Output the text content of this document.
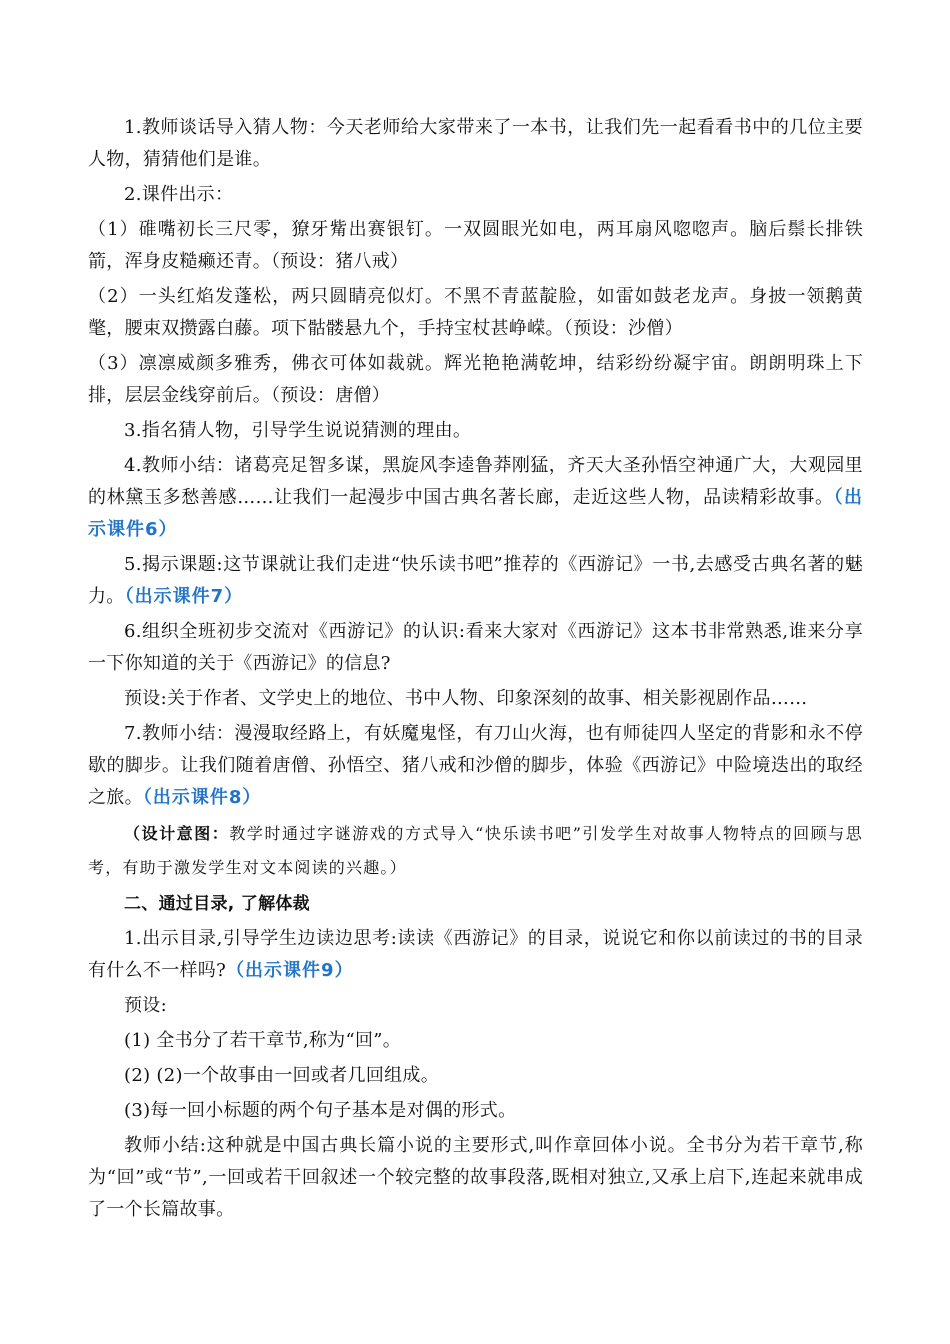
1.教师谈话导入猜人物：今天老师给大家带来了一本书，让我们先一起看看书中的几位主要人物，猜猜他们是谁。

2.课件出示：

（1）碓嘴初长三尺零，獠牙觜出赛银钉。一双圆眼光如电，两耳扇风唿唿声。脑后鬃长排铁箭，浑身皮糙癞还青。（预设：猪八戒）

（2）一头红焰发蓬松，两只圆睛亮似灯。不黑不青蓝靛脸，如雷如鼓老龙声。身披一领鹅黄氅，腰束双攒露白藤。项下骷髅悬九个，手持宝杖甚峥嵘。（预设：沙僧）

（3）凛凛威颜多雅秀，佛衣可体如裁就。辉光艳艳满乾坤，结彩纷纷凝宇宙。朗朗明珠上下排，层层金线穿前后。（预设：唐僧）

3.指名猜人物，引导学生说说猜测的理由。

4.教师小结：诸葛亮足智多谋，黑旋风李逵鲁莽刚猛，齐天大圣孙悟空神通广大，大观园里的林黛玉多愁善感……让我们一起漫步中国古典名著长廊，走近这些人物，品读精彩故事。（出示课件6）

5.揭示课题:这节课就让我们走进“快乐读书吧”推荐的《西游记》一书,去感受古典名著的魅力。（出示课件7）

6.组织全班初步交流对《西游记》的认识:看来大家对《西游记》这本书非常熟悉,谁来分享一下你知道的关于《西游记》的信息?

预设:关于作者、文学史上的地位、书中人物、印象深刻的故事、相关影视剧作品……

7.教师小结：漫漫取经路上，有妖魔鬼怪，有刀山火海，也有师徒四人坚定的背影和永不停歇的脚步。让我们随着唐僧、孙悟空、猪八戒和沙僧的脚步，体验《西游记》中险境迭出的取经之旅。（出示课件8）

（设计意图：教学时通过字谜游戏的方式导入“快乐读书吧”引发学生对故事人物特点的回顾与思考，有助于激发学生对文本阅读的兴趣。）

二、通过目录, 了解体裁

1.出示目录,引导学生边读边思考:读读《西游记》的目录，说说它和你以前读过的书的目录有什么不一样吗?（出示课件9）

预设:

(1) 全书分了若干章节,称为“回”。

(2) (2)一个故事由一回或者几回组成。

(3)每一回小标题的两个句子基本是对偶的形式。

教师小结:这种就是中国古典长篇小说的主要形式,叫作章回体小说。全书分为若干章节,称为“回”或“节”,一回或若干回叙述一个较完整的故事段落,既相对独立,又承上启下,连起来就串成了一个长篇故事。
